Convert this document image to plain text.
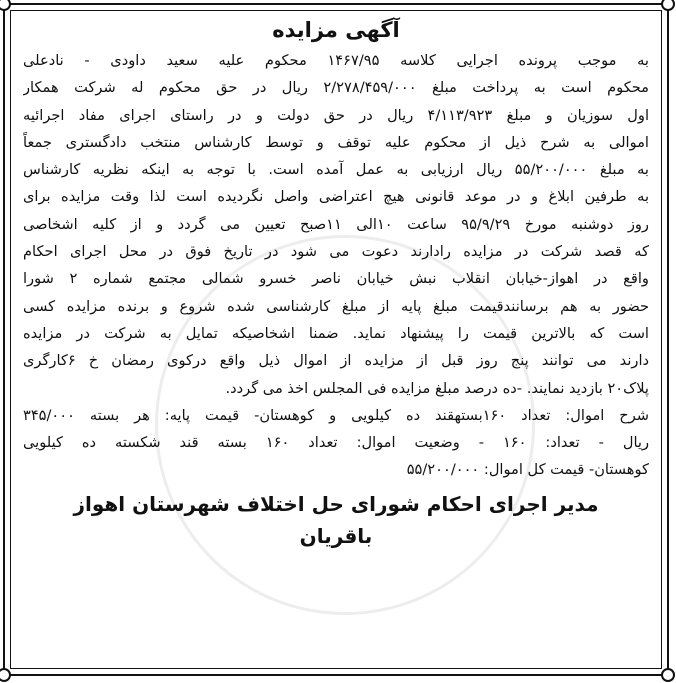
آگهی مزایده
به موجب پرونده اجرایی کلاسه ۱۴۶۷/۹۵ محکوم علیه سعید داودی - نادعلی
محکوم است به پرداخت مبلغ ۲/۲۷۸/۴۵۹/۰۰۰ ریال در حق محکوم له شرکت همکار
اول سوزیان و مبلغ ۴/۱۱۳/۹۲۳ ریال در حق دولت و در راستای اجرای مفاد اجرائیه
اموالی به شرح ذیل از محکوم علیه توقف و توسط کارشناس منتخب دادگستری جمعاً
به مبلغ ۵۵/۲۰۰/۰۰۰ ریال ارزیابی به عمل آمده است. با توجه به اینکه نظریه کارشناس
به طرفین ابلاغ و در موعد قانونی هیچ اعتراضی واصل نگردیده است لذا وقت مزایده برای
روز دوشنبه مورخ ۹۵/۹/۲۹ ساعت ۱۰الی ۱۱صبح تعیین می گردد و از کلیه اشخاصی
که قصد شرکت در مزایده رادارند دعوت می شود در تاریخ فوق در محل اجرای احکام
واقع در اهواز-خیابان انقلاب نبش خیابان ناصر خسرو شمالی مجتمع شماره ۲ شورا
حضور به هم برسانندقیمت مبلغ پایه از مبلغ کارشناسی شده شروع و برنده مزایده کسی
است که بالاترین قیمت را پیشنهاد نماید. ضمنا اشخاصیکه تمایل به شرکت در مزایده
دارند می توانند پنج روز قبل از مزایده از اموال ذیل واقع درکوی رمضان خ ۶کارگری
پلاک۲۰ بازدید نمایند. -ده درصد مبلغ مزایده فی المجلس اخذ می گردد.
شرح اموال: تعداد ۱۶۰بستهقند ده کیلویی و کوهستان- قیمت پایه: هر بسته ۳۴۵/۰۰۰
ریال - تعداد: ۱۶۰ - وضعیت اموال: تعداد ۱۶۰ بسته قند شکسته ده کیلویی
کوهستان- قیمت کل اموال: ۵۵/۲۰۰/۰۰۰
مدیر اجرای احکام شورای حل اختلاف شهرستان اهواز
باقریان
